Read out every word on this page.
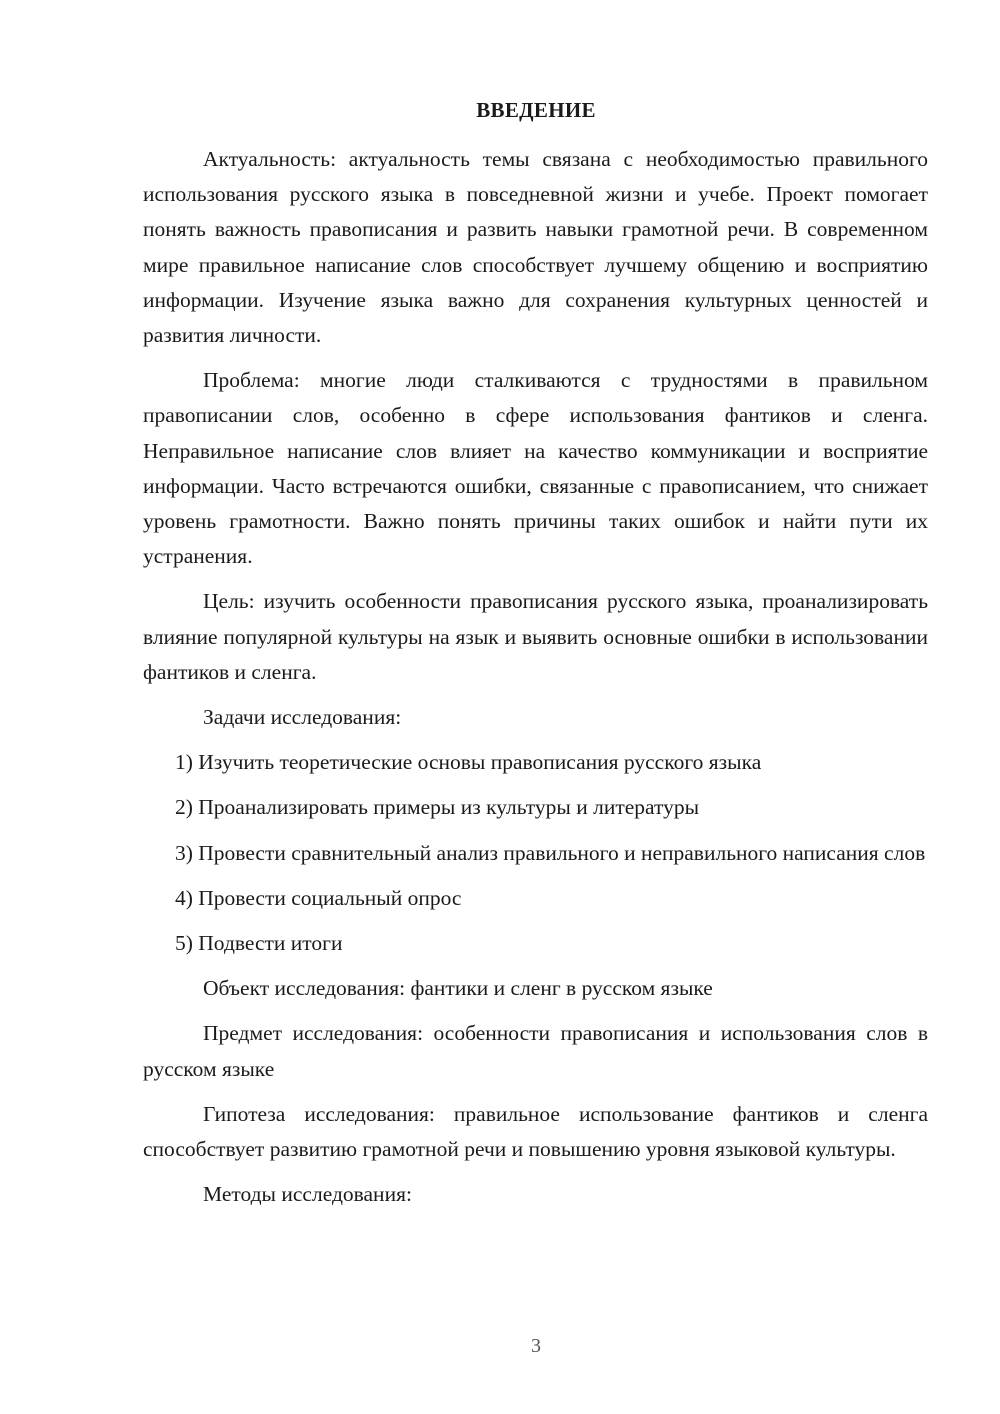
ВВЕДЕНИЕ

Актуальность: актуальность темы связана с необходимостью правильного использования русского языка в повседневной жизни и учебе. Проект помогает понять важность правописания и развить навыки грамотной речи. В современном мире правильное написание слов способствует лучшему общению и восприятию информации. Изучение языка важно для сохранения культурных ценностей и развития личности.

Проблема: многие люди сталкиваются с трудностями в правильном правописании слов, особенно в сфере использования фантиков и сленга. Неправильное написание слов влияет на качество коммуникации и восприятие информации. Часто встречаются ошибки, связанные с правописанием, что снижает уровень грамотности. Важно понять причины таких ошибок и найти пути их устранения.

Цель: изучить особенности правописания русского языка, проанализировать влияние популярной культуры на язык и выявить основные ошибки в использовании фантиков и сленга.

Задачи исследования:

1) Изучить теоретические основы правописания русского языка

2) Проанализировать примеры из культуры и литературы

3) Провести сравнительный анализ правильного и неправильного написания слов

4) Провести социальный опрос

5) Подвести итоги

Объект исследования: фантики и сленг в русском языке

Предмет исследования: особенности правописания и использования слов в русском языке

Гипотеза исследования: правильное использование фантиков и сленга способствует развитию грамотной речи и повышению уровня языковой культуры.

Методы исследования:

3
